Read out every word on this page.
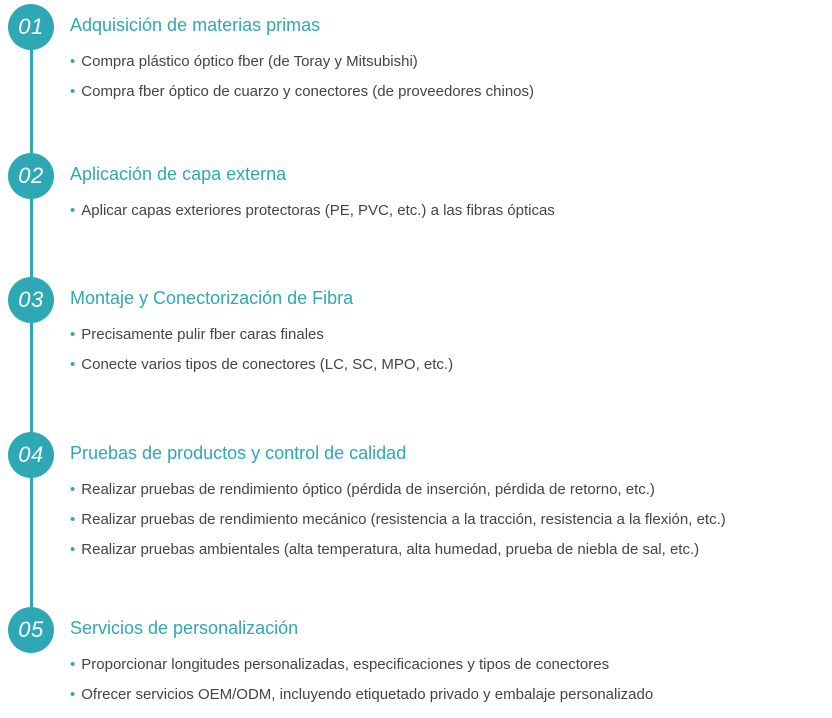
01	Adquisición de materias primas
• Compra plástico óptico fber (de Toray y Mitsubishi)
• Compra fber óptico de cuarzo y conectores (de proveedores chinos)
02	Aplicación de capa externa
• Aplicar capas exteriores protectoras (PE, PVC, etc.) a las fibras ópticas
03	Montaje y Conectorización de Fibra
• Precisamente pulir fber caras finales
• Conecte varios tipos de conectores (LC, SC, MPO, etc.)
04	Pruebas de productos y control de calidad
• Realizar pruebas de rendimiento óptico (pérdida de inserción, pérdida de retorno, etc.)
• Realizar pruebas de rendimiento mecánico (resistencia a la tracción, resistencia a la flexión, etc.)
• Realizar pruebas ambientales (alta temperatura, alta humedad, prueba de niebla de sal, etc.)
05	Servicios de personalización
• Proporcionar longitudes personalizadas, especificaciones y tipos de conectores
• Ofrecer servicios OEM/ODM, incluyendo etiquetado privado y embalaje personalizado
